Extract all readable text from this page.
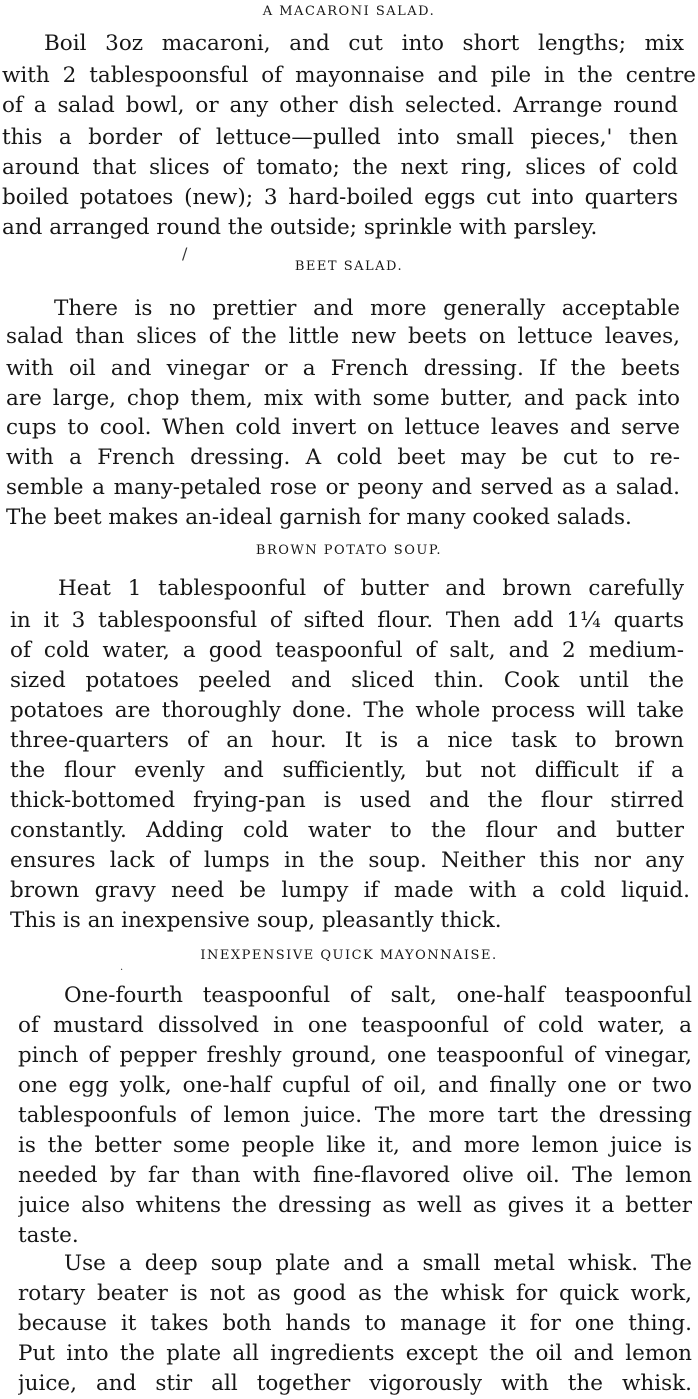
A MACARONI SALAD.
Boil 3oz macaroni, and cut into short lengths; mix
with 2 tablespoonsful of mayonnaise and pile in the centre
of a salad bowl, or any other dish selected. Arrange round
this a border of lettuce—pulled into small pieces,' then
around that slices of tomato; the next ring, slices of cold
boiled potatoes (new); 3 hard-boiled eggs cut into quarters
and arranged round the outside; sprinkle with parsley.
/
BEET SALAD.
There is no prettier and more generally acceptable
salad than slices of the little new beets on lettuce leaves,
with oil and vinegar or a French dressing. If the beets
are large, chop them, mix with some butter, and pack into
cups to cool. When cold invert on lettuce leaves and serve
with a French dressing. A cold beet may be cut to re-
semble a many-petaled rose or peony and served as a salad.
The beet makes an-ideal garnish for many cooked salads.
BROWN POTATO SOUP.
Heat 1 tablespoonful of butter and brown carefully
in it 3 tablespoonsful of sifted flour. Then add 1¼ quarts
of cold water, a good teaspoonful of salt, and 2 medium-
sized potatoes peeled and sliced thin. Cook until the
potatoes are thoroughly done. The whole process will take
three-quarters of an hour. It is a nice task to brown
the flour evenly and sufficiently, but not difficult if a
thick-bottomed frying-pan is used and the flour stirred
constantly. Adding cold water to the flour and butter
ensures lack of lumps in the soup. Neither this nor any
brown gravy need be lumpy if made with a cold liquid.
This is an inexpensive soup, pleasantly thick.
.
INEXPENSIVE QUICK MAYONNAISE.
One-fourth teaspoonful of salt, one-half teaspoonful
of mustard dissolved in one teaspoonful of cold water, a
pinch of pepper freshly ground, one teaspoonful of vinegar,
one egg yolk, one-half cupful of oil, and finally one or two
tablespoonfuls of lemon juice. The more tart the dressing
is the better some people like it, and more lemon juice is
needed by far than with fine-flavored olive oil. The lemon
juice also whitens the dressing as well as gives it a better
taste.
Use a deep soup plate and a small metal whisk. The
rotary beater is not as good as the whisk for quick work,
because it takes both hands to manage it for one thing.
Put into the plate all ingredients except the oil and lemon
juice, and stir all together vigorously with the whisk.
